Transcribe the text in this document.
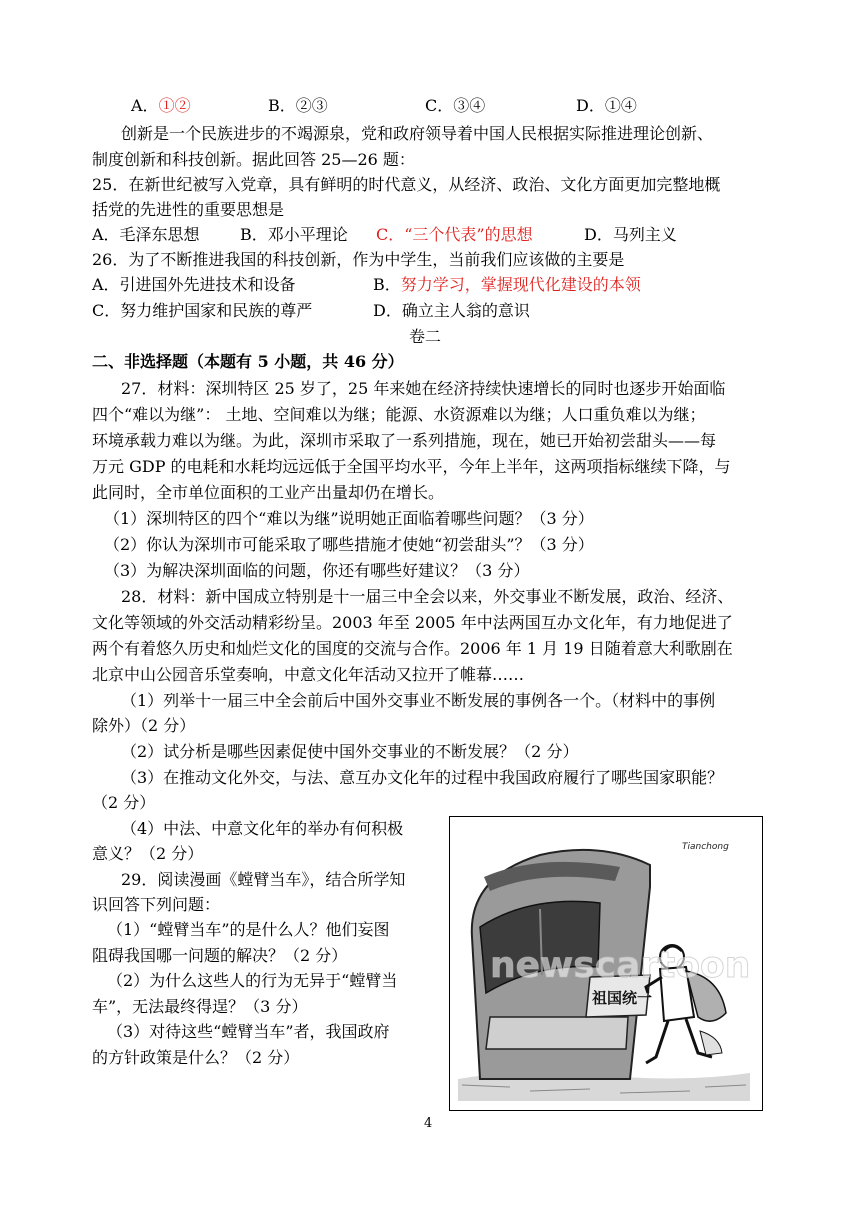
A．①②	B．②③	C．③④	D．①④
创新是一个民族进步的不竭源泉，党和政府领导着中国人民根据实际推进理论创新、
制度创新和科技创新。据此回答 25—26 题：
25．在新世纪被写入党章，具有鲜明的时代意义，从经济、政治、文化方面更加完整地概
括党的先进性的重要思想是
A．毛泽东思想	B．邓小平理论 C．“三个代表”的思想	D．马列主义
26．为了不断推进我国的科技创新，作为中学生，当前我们应该做的主要是
A．引进国外先进技术和设备	B．努力学习，掌握现代化建设的本领
C．努力维护国家和民族的尊严	D．确立主人翁的意识
卷二
二、非选择题（本题有 5 小题，共 46 分）
27．材料：深圳特区 25 岁了，25 年来她在经济持续快速增长的同时也逐步开始面临
四个“难以为继”： 土地、空间难以为继；能源、水资源难以为继；人口重负难以为继；
环境承载力难以为继。为此，深圳市采取了一系列措施，现在，她已开始初尝甜头——每
万元 GDP 的电耗和水耗均远远低于全国平均水平，今年上半年，这两项指标继续下降，与
此同时，全市单位面积的工业产出量却仍在增长。
（1）深圳特区的四个“难以为继”说明她正面临着哪些问题？（3 分）
（2）你认为深圳市可能采取了哪些措施才使她“初尝甜头”？（3 分）
（3）为解决深圳面临的问题，你还有哪些好建议？（3 分）
28．材料：新中国成立特别是十一届三中全会以来，外交事业不断发展，政治、经济、
文化等领域的外交活动精彩纷呈。2003 年至 2005 年中法两国互办文化年，有力地促进了
两个有着悠久历史和灿烂文化的国度的交流与合作。2006 年 1 月 19 日随着意大利歌剧在
北京中山公园音乐堂奏响，中意文化年活动又拉开了帷幕……
（1）列举十一届三中全会前后中国外交事业不断发展的事例各一个。（材料中的事例
除外）（2 分）
（2）试分析是哪些因素促使中国外交事业的不断发展？（2 分）
（3）在推动文化外交，与法、意互办文化年的过程中我国政府履行了哪些国家职能？
（2 分）
（4）中法、中意文化年的举办有何积极
意义？（2 分）
29．阅读漫画《螳臂当车》，结合所学知
识回答下列问题：
（1）“螳臂当车”的是什么人？他们妄图
阻碍我国哪一问题的解决？（2 分）
（2）为什么这些人的行为无异于“螳臂当
车”，无法最终得逞？（3 分）
（3）对待这些“螳臂当车”者，我国政府
的方针政策是什么？（2 分）
Tianchong
祖国统一
newscartoon
4
